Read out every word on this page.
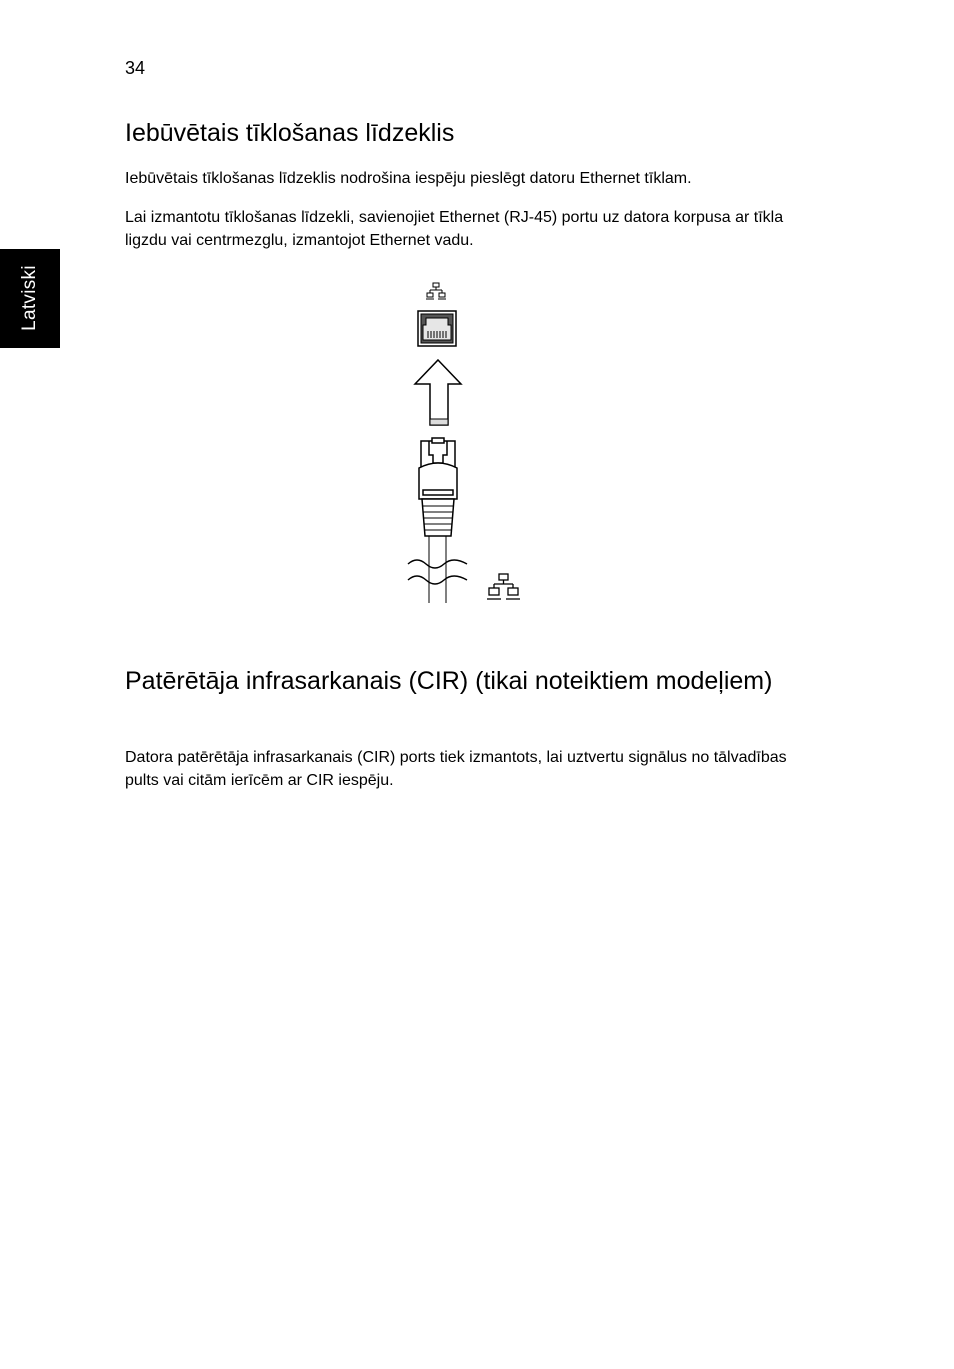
34
Latviski
Iebūvētais tīklošanas līdzeklis

Iebūvētais tīklošanas līdzeklis nodrošina iespēju pieslēgt datoru Ethernet tīklam.

Lai izmantotu tīklošanas līdzekli, savienojiet Ethernet (RJ-45) portu uz datora korpusa ar tīkla ligzdu vai centrmezglu, izmantojot Ethernet vadu.

Patērētāja infrasarkanais (CIR) (tikai noteiktiem modeļiem)

Datora patērētāja infrasarkanais (CIR) ports tiek izmantots, lai uztvertu signālus no tālvadības pults vai citām ierīcēm ar CIR iespēju.
